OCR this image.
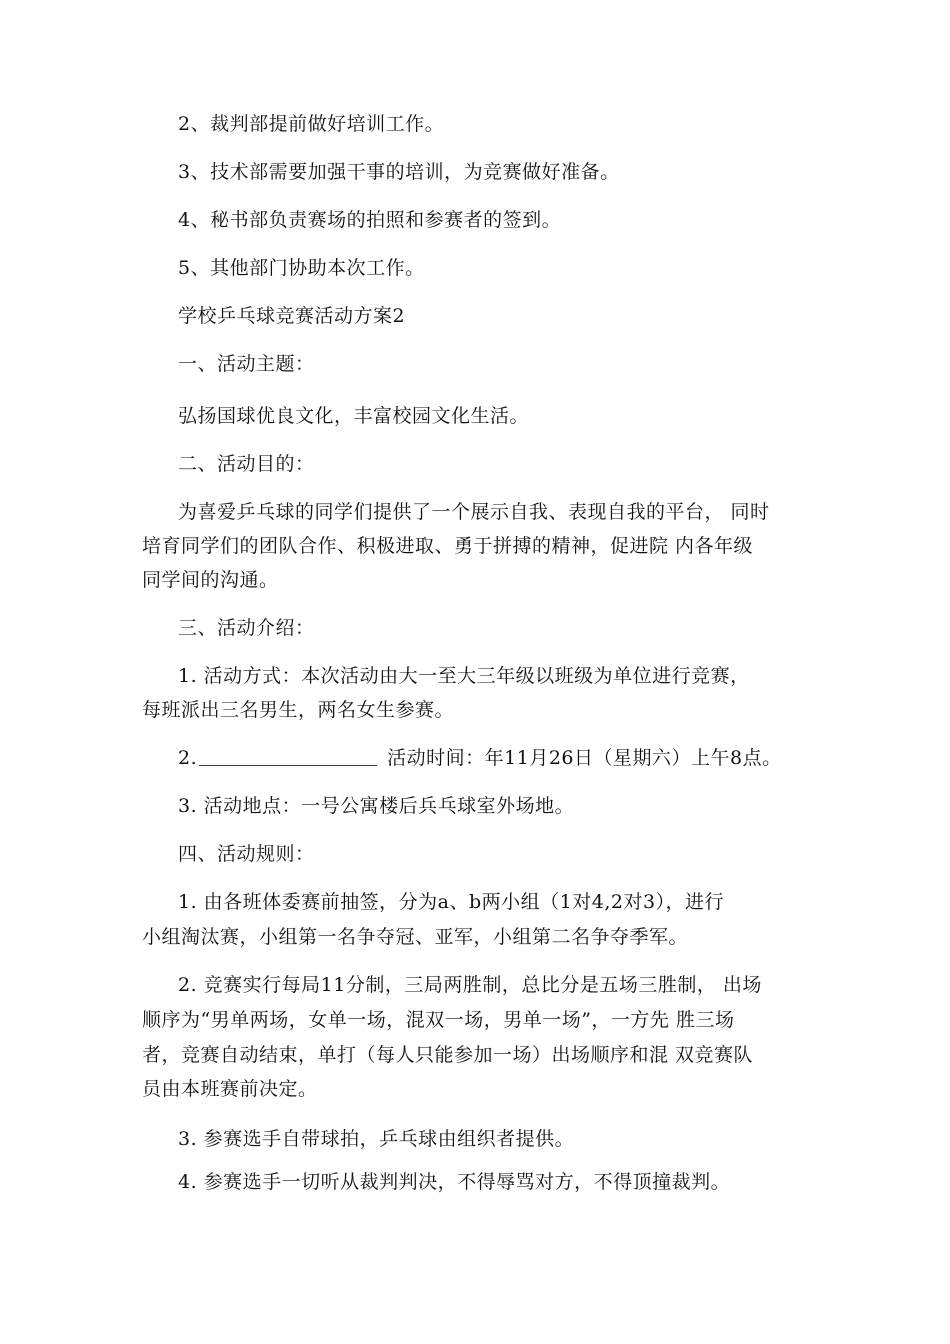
2、裁判部提前做好培训工作。
3、技术部需要加强干事的培训，为竞赛做好准备。
4、秘书部负责赛场的拍照和参赛者的签到。
5、其他部门协助本次工作。
学校乒乓球竞赛活动方案2
一、活动主题：
弘扬国球优良文化，丰富校园文化生活。
二、活动目的：
为喜爱乒乓球的同学们提供了一个展示自我、表现自我的平台， 同时
培育同学们的团队合作、积极进取、勇于拼搏的精神，促进院 内各年级
同学间的沟通。
三、活动介绍：
1. 活动方式：本次活动由大一至大三年级以班级为单位进行竞赛，
每班派出三名男生，两名女生参赛。
2.	活动时间：年11月26日（星期六）上午8点。
3. 活动地点：一号公寓楼后兵乓球室外场地。
四、活动规则：
1. 由各班体委赛前抽签，分为a、b两小组（1对4,2对3），进行
小组淘汰赛，小组第一名争夺冠、亚军，小组第二名争夺季军。
2. 竞赛实行每局11分制，三局两胜制，总比分是五场三胜制， 出场
顺序为“男单两场，女单一场，混双一场，男单一场”，一方先 胜三场
者，竞赛自动结束，单打（每人只能参加一场）出场顺序和混 双竞赛队
员由本班赛前决定。
3. 参赛选手自带球拍，乒乓球由组织者提供。
4. 参赛选手一切听从裁判判决，不得辱骂对方，不得顶撞裁判。
